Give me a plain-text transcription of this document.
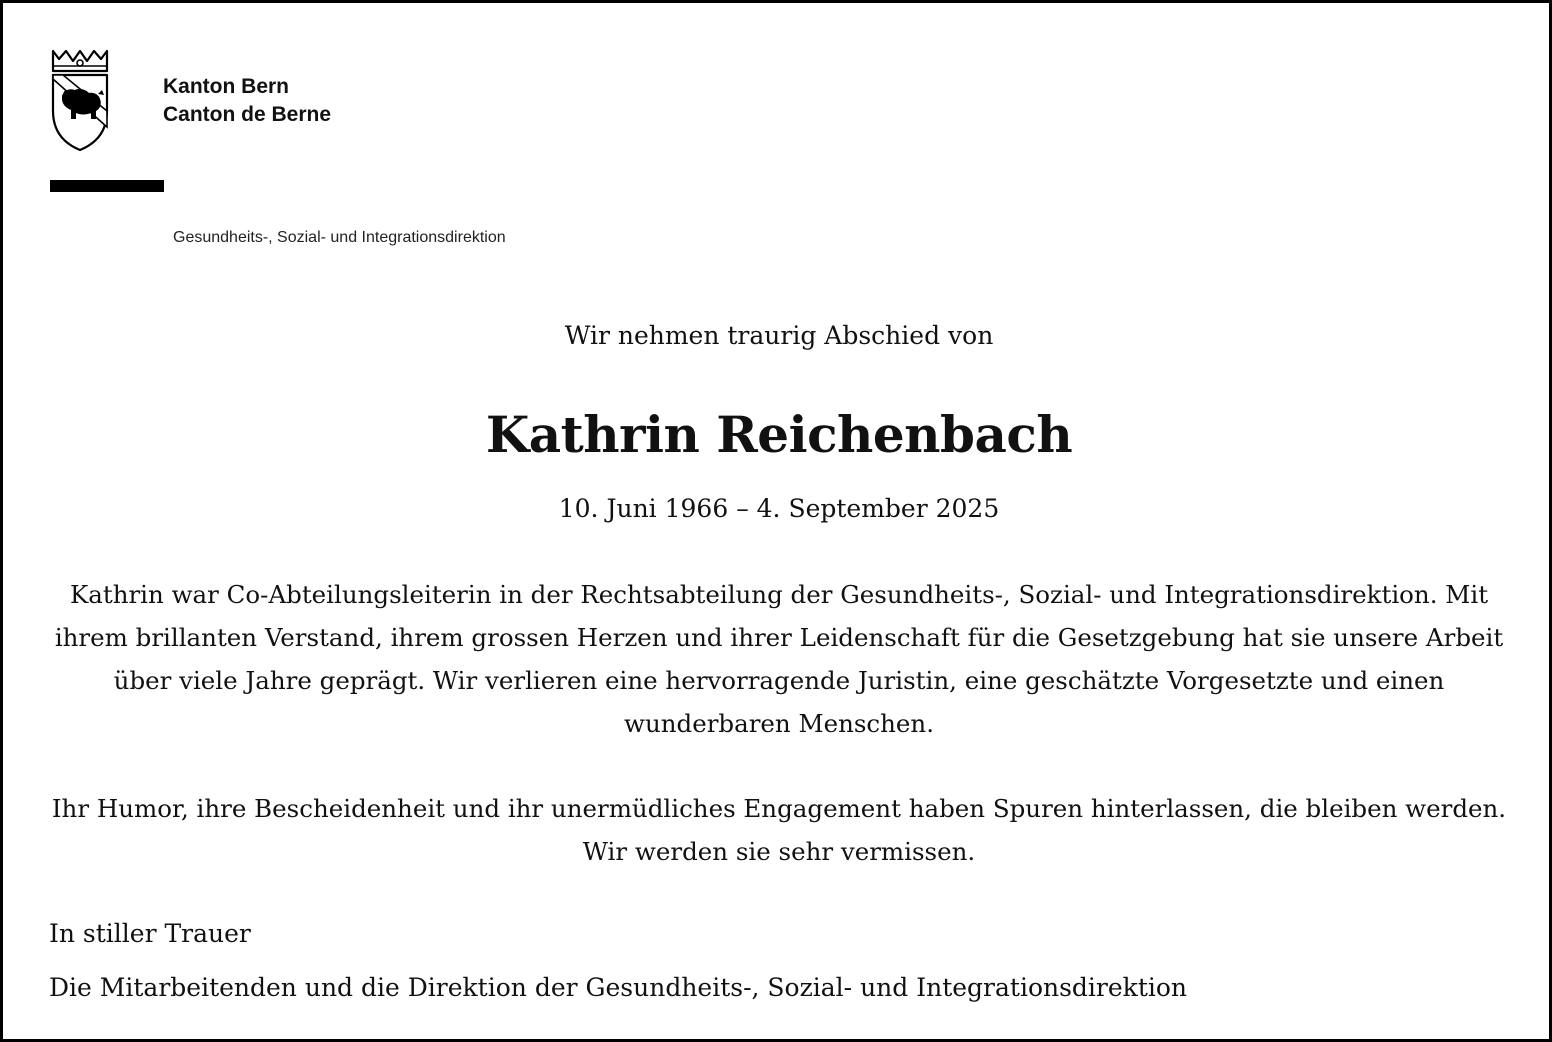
Kanton Bern
Canton de Berne
Gesundheits-, Sozial- und Integrationsdirektion
Wir nehmen traurig Abschied von
Kathrin Reichenbach
10. Juni 1966 – 4. September 2025
Kathrin war Co-Abteilungsleiterin in der Rechtsabteilung der Gesundheits-, Sozial- und Integrationsdirektion. Mit ihrem brillanten Verstand, ihrem grossen Herzen und ihrer Leidenschaft für die Gesetzgebung hat sie unsere Arbeit über viele Jahre geprägt. Wir verlieren eine hervorragende Juristin, eine geschätzte Vorgesetzte und einen wunderbaren Menschen.
Ihr Humor, ihre Bescheidenheit und ihr unermüdliches Engagement haben Spuren hinterlassen, die bleiben werden. Wir werden sie sehr vermissen.
In stiller Trauer
Die Mitarbeitenden und die Direktion der Gesundheits-, Sozial- und Integrationsdirektion
